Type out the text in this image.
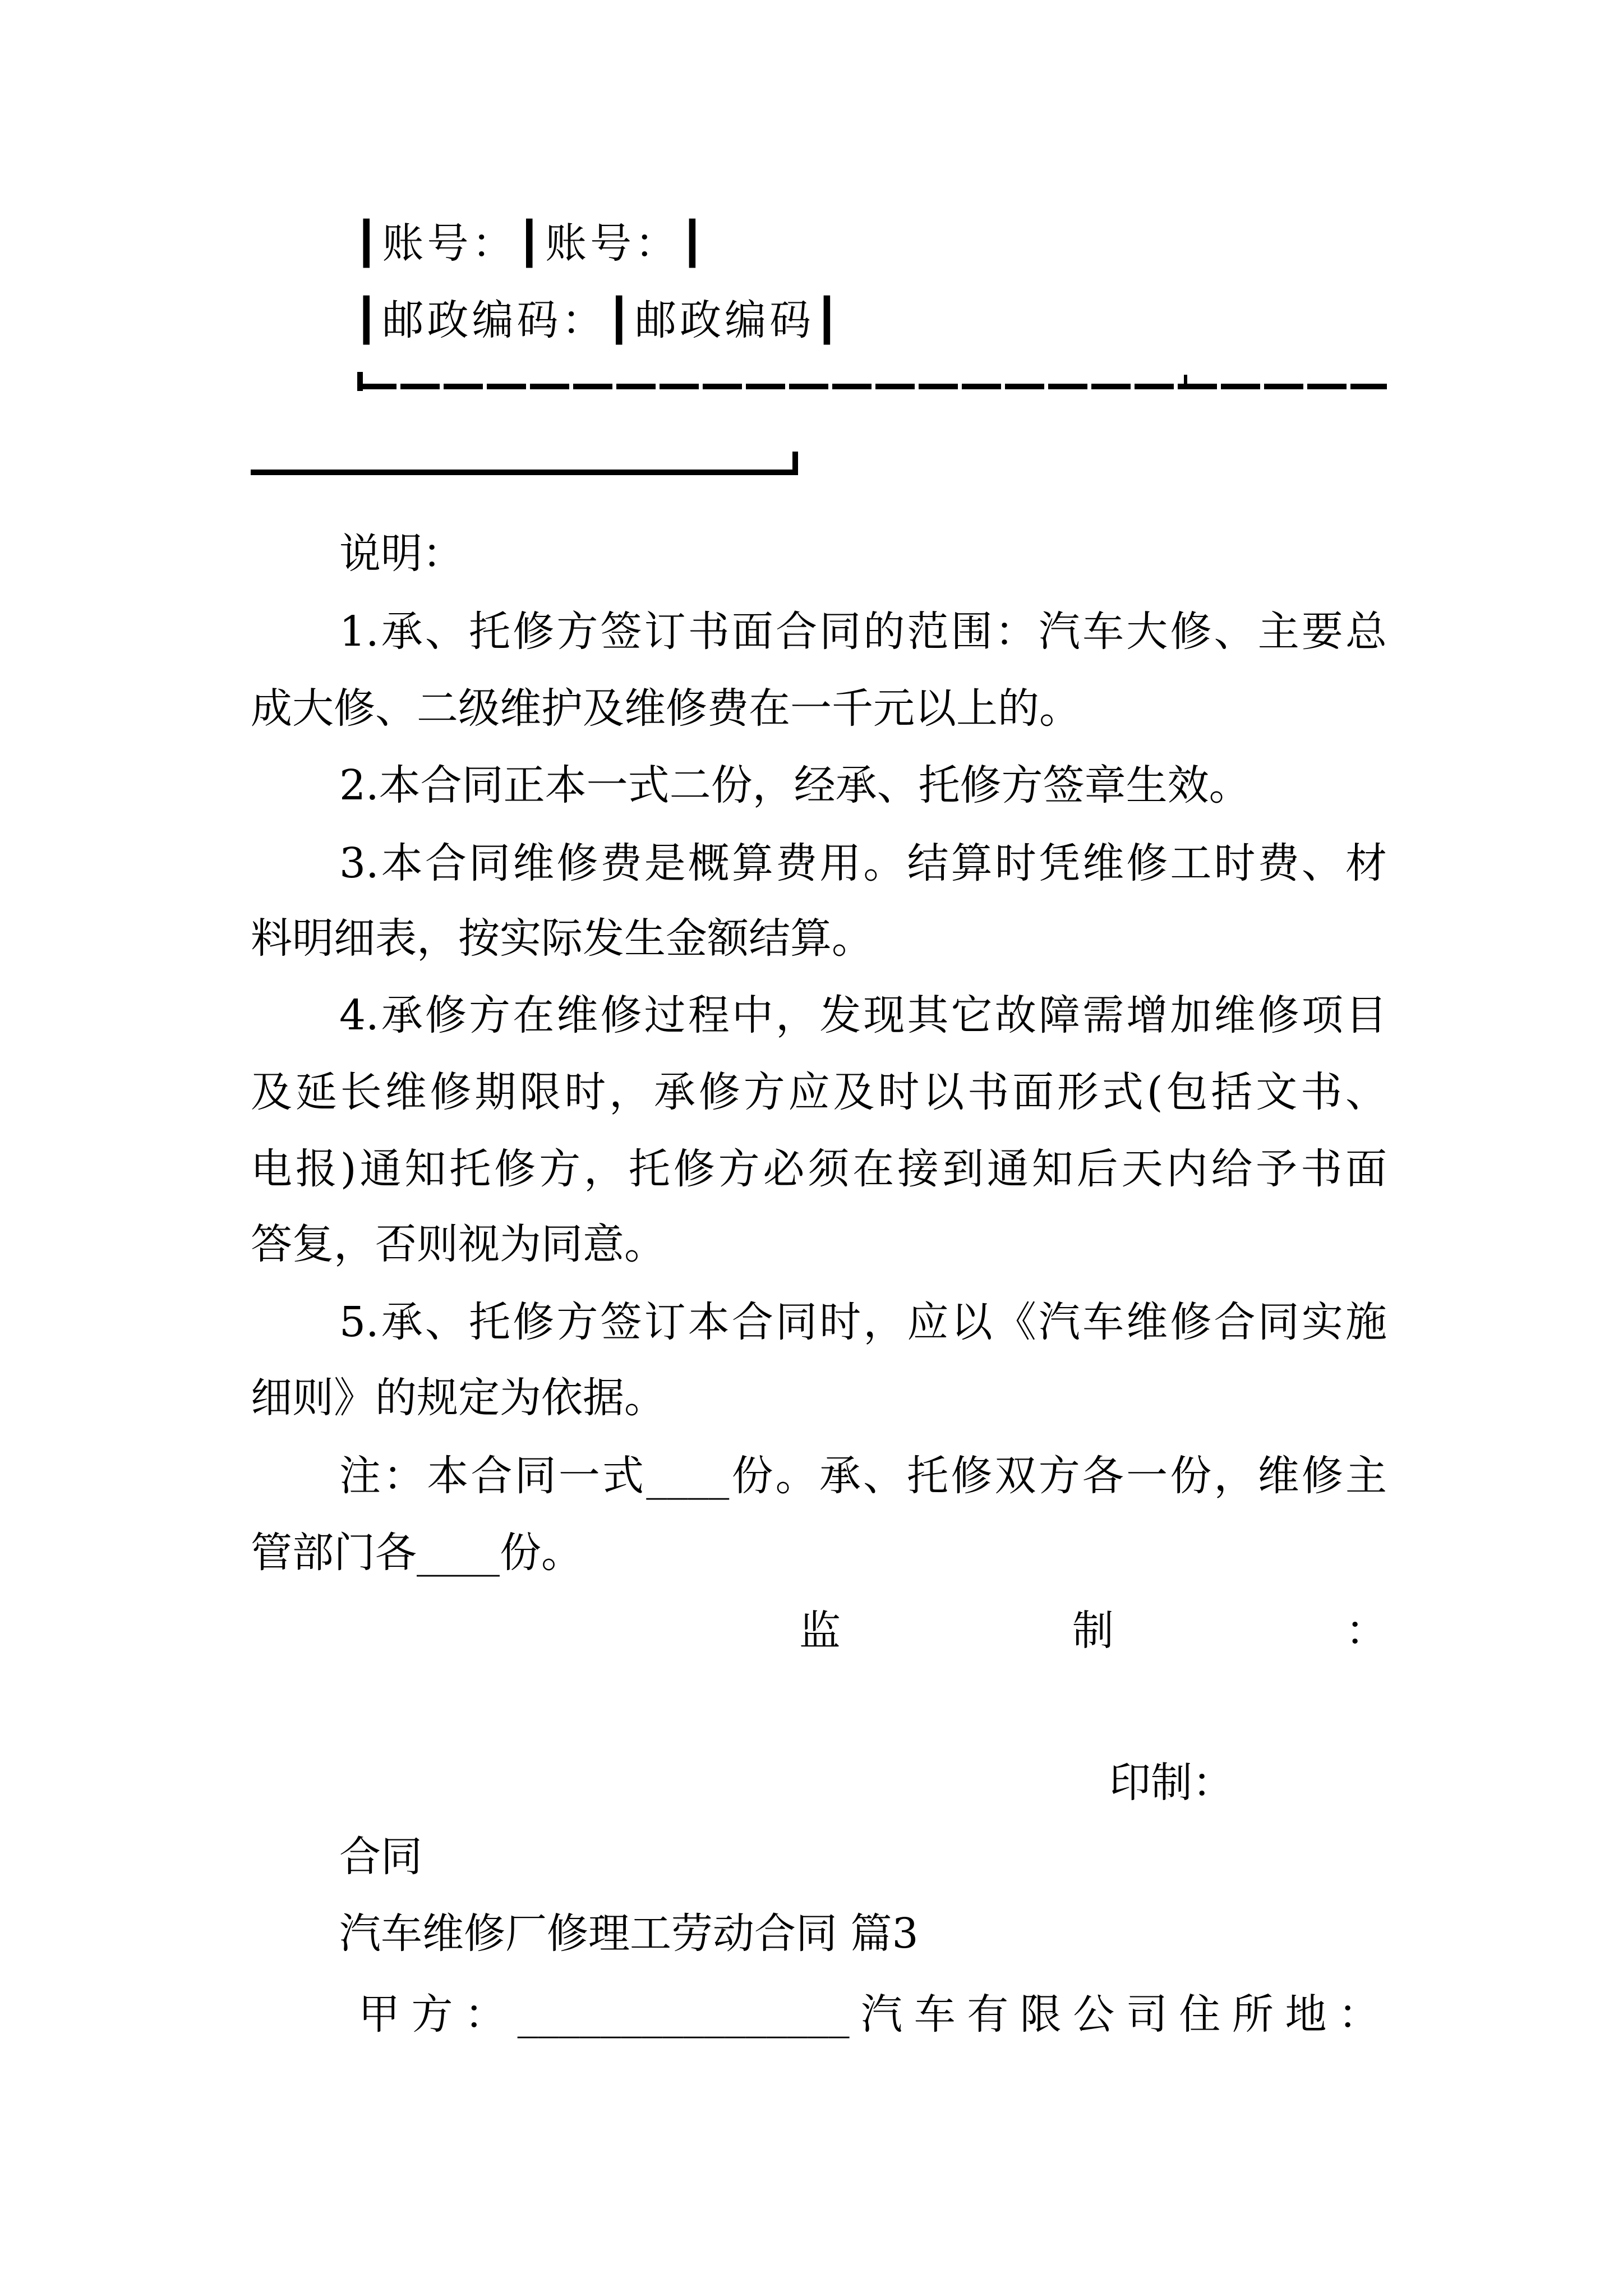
┃账号：┃账号：┃
┃邮政编码：┃邮政编码┃
说明：
1.承、托修方签订书面合同的范围：汽车大修、主要总
成大修、二级维护及维修费在一千元以上的。
2.本合同正本一式二份，经承、托修方签章生效。
3.本合同维修费是概算费用。结算时凭维修工时费、材
料明细表，按实际发生金额结算。
4.承修方在维修过程中，发现其它故障需增加维修项目
及延长维修期限时，承修方应及时以书面形式(包括文书、
电报)通知托修方，托修方必须在接到通知后天内给予书面
答复，否则视为同意。
5.承、托修方签订本合同时，应以《汽车维修合同实施
细则》的规定为依据。
注：本合同一式____份。承、托修双方各一份，维修主
管部门各____份。
监制：
印制：
合同
汽车维修厂修理工劳动合同 篇3
甲方：________________汽车有限公司住所地：
